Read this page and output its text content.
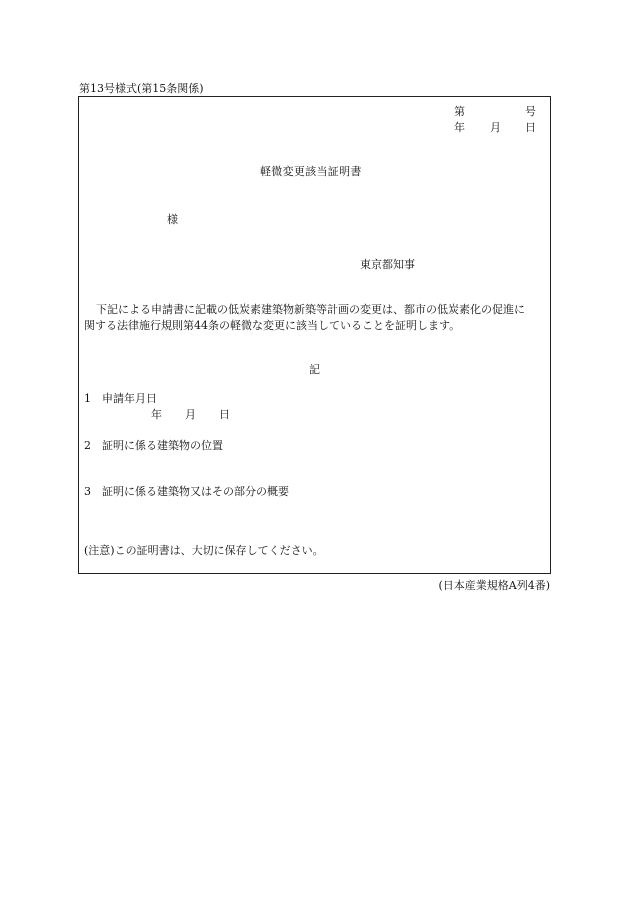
第13号様式(第15条関係)
第	号
年 月 日
軽微変更該当証明書
様
東京都知事
下記による申請書に記載の低炭素建築物新築等計画の変更は、都市の低炭素化の促進に
関する法律施行規則第44条の軽微な変更に該当していることを証明します。
記
1　申請年月日
年 月 日
2　証明に係る建築物の位置
3　証明に係る建築物又はその部分の概要
(注意)この証明書は、大切に保存してください。
(日本産業規格A列4番)
